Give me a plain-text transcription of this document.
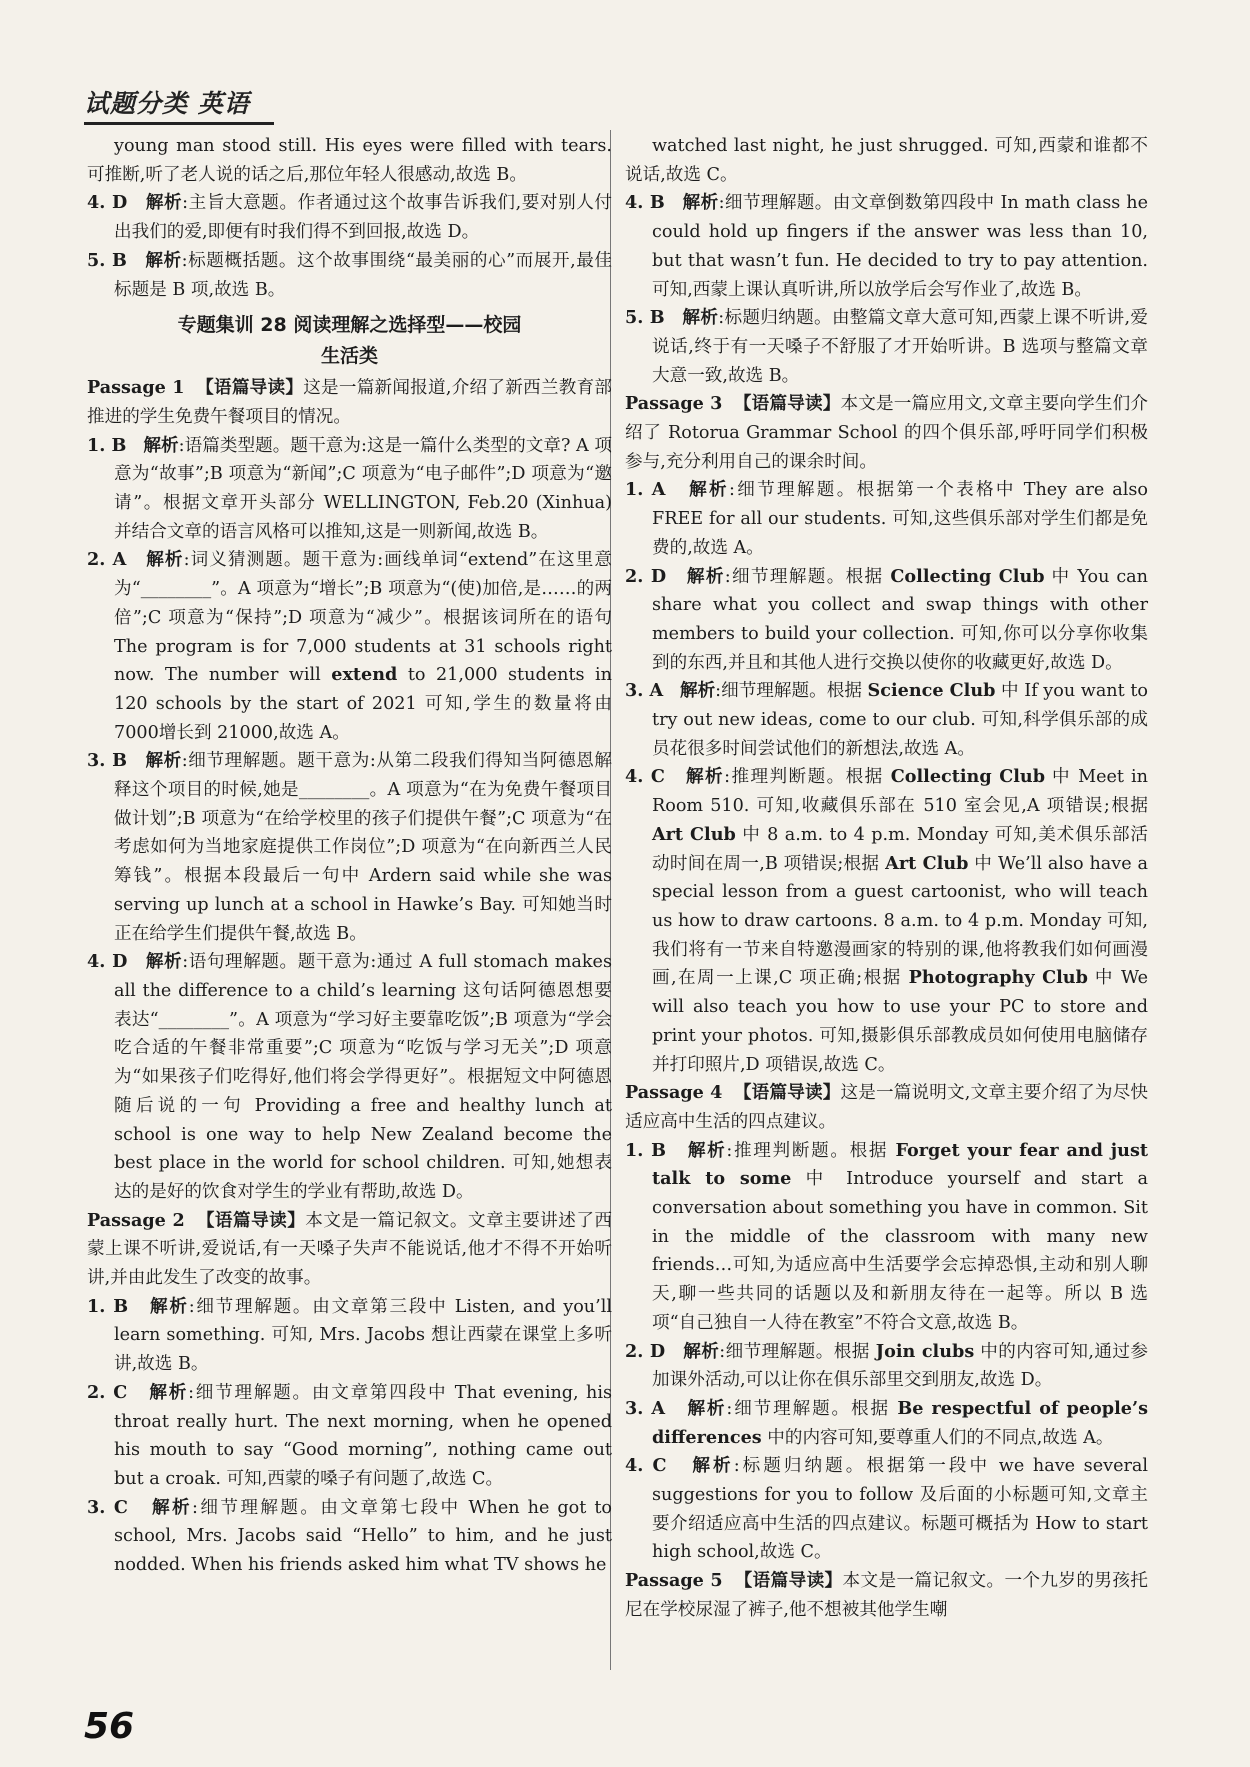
试题分类 英语

young man stood still. His eyes were filled with tears. 可推断,听了老人说的话之后,那位年轻人很感动,故选 B。

4. D 解析:主旨大意题。作者通过这个故事告诉我们,要对别人付出我们的爱,即便有时我们得不到回报,故选 D。

5. B 解析:标题概括题。这个故事围绕“最美丽的心”而展开,最佳标题是 B 项,故选 B。

专题集训 28 阅读理解之选择型——校园
生活类

Passage 1 【语篇导读】这是一篇新闻报道,介绍了新西兰教育部推进的学生免费午餐项目的情况。

1. B 解析:语篇类型题。题干意为:这是一篇什么类型的文章? A 项意为“故事”;B 项意为“新闻”;C 项意为“电子邮件”;D 项意为“邀请”。根据文章开头部分 WELLINGTON, Feb.20 (Xinhua) 并结合文章的语言风格可以推知,这是一则新闻,故选 B。

2. A 解析:词义猜测题。题干意为:画线单词“extend”在这里意为“________”。A 项意为“增长”;B 项意为“(使)加倍,是……的两倍”;C 项意为“保持”;D 项意为“减少”。根据该词所在的语句 The program is for 7,000 students at 31 schools right now. The number will extend to 21,000 students in 120 schools by the start of 2021 可知,学生的数量将由7000增长到 21000,故选 A。

3. B 解析:细节理解题。题干意为:从第二段我们得知当阿德恩解释这个项目的时候,她是________。A 项意为“在为免费午餐项目做计划”;B 项意为“在给学校里的孩子们提供午餐”;C 项意为“在考虑如何为当地家庭提供工作岗位”;D 项意为“在向新西兰人民筹钱”。根据本段最后一句中 Ardern said while she was serving up lunch at a school in Hawke’s Bay. 可知她当时正在给学生们提供午餐,故选 B。

4. D 解析:语句理解题。题干意为:通过 A full stomach makes all the difference to a child’s learning 这句话阿德恩想要表达“________”。A 项意为“学习好主要靠吃饭”;B 项意为“学会吃合适的午餐非常重要”;C 项意为“吃饭与学习无关”;D 项意为“如果孩子们吃得好,他们将会学得更好”。根据短文中阿德恩随后说的一句 Providing a free and healthy lunch at school is one way to help New Zealand become the best place in the world for school children. 可知,她想表达的是好的饮食对学生的学业有帮助,故选 D。

Passage 2 【语篇导读】本文是一篇记叙文。文章主要讲述了西蒙上课不听讲,爱说话,有一天嗓子失声不能说话,他才不得不开始听讲,并由此发生了改变的故事。

1. B 解析:细节理解题。由文章第三段中 Listen, and you’ll learn something. 可知, Mrs. Jacobs 想让西蒙在课堂上多听讲,故选 B。

2. C 解析:细节理解题。由文章第四段中 That evening, his throat really hurt. The next morning, when he opened his mouth to say “Good morning”, nothing came out but a croak. 可知,西蒙的嗓子有问题了,故选 C。

3. C 解析:细节理解题。由文章第七段中 When he got to school, Mrs. Jacobs said “Hello” to him, and he just nodded. When his friends asked him what TV shows he

watched last night, he just shrugged. 可知,西蒙和谁都不说话,故选 C。

4. B 解析:细节理解题。由文章倒数第四段中 In math class he could hold up fingers if the answer was less than 10, but that wasn’t fun. He decided to try to pay attention. 可知,西蒙上课认真听讲,所以放学后会写作业了,故选 B。

5. B 解析:标题归纳题。由整篇文章大意可知,西蒙上课不听讲,爱说话,终于有一天嗓子不舒服了才开始听讲。B 选项与整篇文章大意一致,故选 B。

Passage 3 【语篇导读】本文是一篇应用文,文章主要向学生们介绍了 Rotorua Grammar School 的四个俱乐部,呼吁同学们积极参与,充分利用自己的课余时间。

1. A 解析:细节理解题。根据第一个表格中 They are also FREE for all our students. 可知,这些俱乐部对学生们都是免费的,故选 A。

2. D 解析:细节理解题。根据 Collecting Club 中 You can share what you collect and swap things with other members to build your collection. 可知,你可以分享你收集到的东西,并且和其他人进行交换以使你的收藏更好,故选 D。

3. A 解析:细节理解题。根据 Science Club 中 If you want to try out new ideas, come to our club. 可知,科学俱乐部的成员花很多时间尝试他们的新想法,故选 A。

4. C 解析:推理判断题。根据 Collecting Club 中 Meet in Room 510. 可知,收藏俱乐部在 510 室会见,A 项错误;根据 Art Club 中 8 a.m. to 4 p.m. Monday 可知,美术俱乐部活动时间在周一,B 项错误;根据 Art Club 中 We’ll also have a special lesson from a guest cartoonist, who will teach us how to draw cartoons. 8 a.m. to 4 p.m. Monday 可知,我们将有一节来自特邀漫画家的特别的课,他将教我们如何画漫画,在周一上课,C 项正确;根据 Photography Club 中 We will also teach you how to use your PC to store and print your photos. 可知,摄影俱乐部教成员如何使用电脑储存并打印照片,D 项错误,故选 C。

Passage 4 【语篇导读】这是一篇说明文,文章主要介绍了为尽快适应高中生活的四点建议。

1. B 解析:推理判断题。根据 Forget your fear and just talk to some 中 Introduce yourself and start a conversation about something you have in common. Sit in the middle of the classroom with many new friends…可知,为适应高中生活要学会忘掉恐惧,主动和别人聊天,聊一些共同的话题以及和新朋友待在一起等。所以 B 选项“自己独自一人待在教室”不符合文意,故选 B。

2. D 解析:细节理解题。根据 Join clubs 中的内容可知,通过参加课外活动,可以让你在俱乐部里交到朋友,故选 D。

3. A 解析:细节理解题。根据 Be respectful of people’s differences 中的内容可知,要尊重人们的不同点,故选 A。

4. C 解析:标题归纳题。根据第一段中 we have several suggestions for you to follow 及后面的小标题可知,文章主要介绍适应高中生活的四点建议。标题可概括为 How to start high school,故选 C。

Passage 5 【语篇导读】本文是一篇记叙文。一个九岁的男孩托尼在学校尿湿了裤子,他不想被其他学生嘲

56
